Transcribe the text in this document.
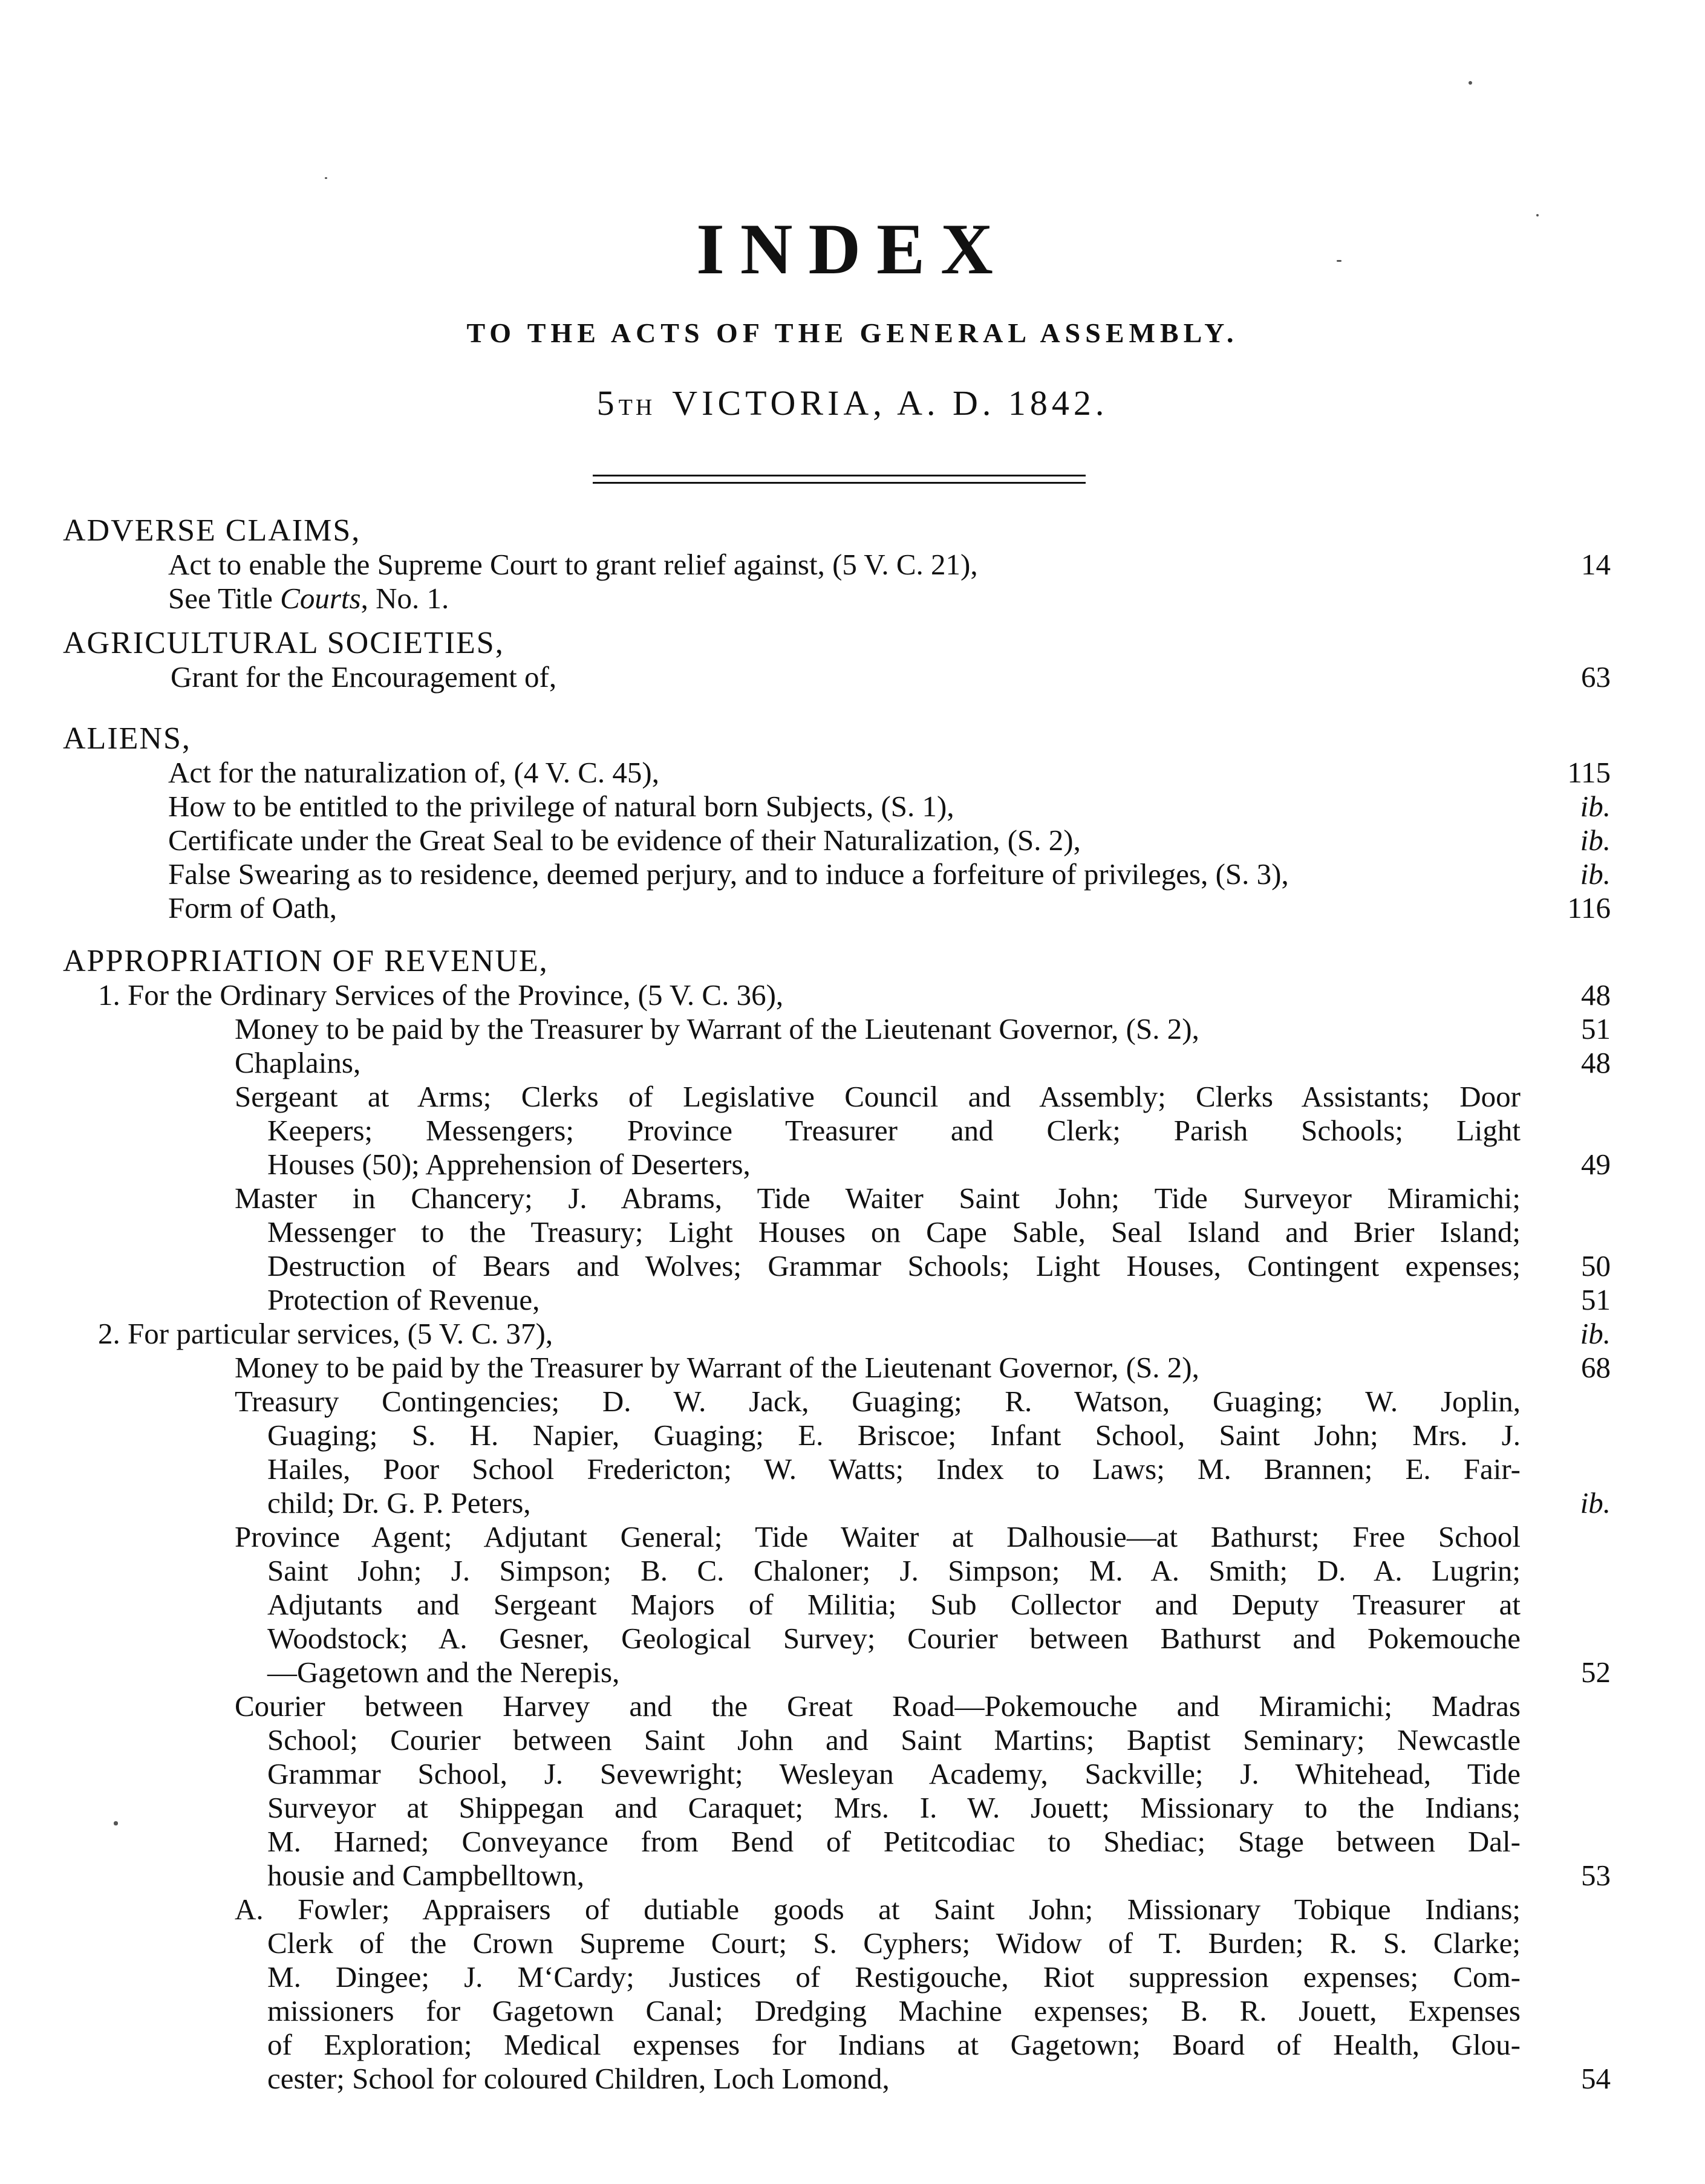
INDEX
TO THE ACTS OF THE GENERAL ASSEMBLY.
5TH VICTORIA, A. D. 1842.
ADVERSE CLAIMS,
Act to enable the Supreme Court to grant relief against, (5 V. C. 21),	14
See Title Courts, No. 1.
AGRICULTURAL SOCIETIES,
Grant for the Encouragement of,	63
ALIENS,
Act for the naturalization of, (4 V. C. 45),	115
How to be entitled to the privilege of natural born Subjects, (S. 1),	ib.
Certificate under the Great Seal to be evidence of their Naturalization, (S. 2),	ib.
False Swearing as to residence, deemed perjury, and to induce a forfeiture of privileges, (S. 3),	ib.
Form of Oath,	116
APPROPRIATION OF REVENUE,
1. For the Ordinary Services of the Province, (5 V. C. 36),	48
Money to be paid by the Treasurer by Warrant of the Lieutenant Governor, (S. 2),	51
Chaplains,	48
Sergeant at Arms; Clerks of Legislative Council and Assembly; Clerks Assistants; Door
Keepers; Messengers; Province Treasurer and Clerk; Parish Schools; Light
Houses (50); Apprehension of Deserters,	49
Master in Chancery; J. Abrams, Tide Waiter Saint John; Tide Surveyor Miramichi;
Messenger to the Treasury; Light Houses on Cape Sable, Seal Island and Brier Island;
Destruction of Bears and Wolves; Grammar Schools; Light Houses, Contingent expenses; 50
Protection of Revenue,	51
2. For particular services, (5 V. C. 37),	ib.
Money to be paid by the Treasurer by Warrant of the Lieutenant Governor, (S. 2),	68
Treasury Contingencies; D. W. Jack, Guaging; R. Watson, Guaging; W. Joplin,
Guaging; S. H. Napier, Guaging; E. Briscoe; Infant School, Saint John; Mrs. J.
Hailes, Poor School Fredericton; W. Watts; Index to Laws; M. Brannen; E. Fair-
child; Dr. G. P. Peters,	ib.
Province Agent; Adjutant General; Tide Waiter at Dalhousie—at Bathurst; Free School
Saint John; J. Simpson; B. C. Chaloner; J. Simpson; M. A. Smith; D. A. Lugrin;
Adjutants and Sergeant Majors of Militia; Sub Collector and Deputy Treasurer at
Woodstock; A. Gesner, Geological Survey; Courier between Bathurst and Pokemouche
—Gagetown and the Nerepis,	52
Courier between Harvey and the Great Road—Pokemouche and Miramichi; Madras
School; Courier between Saint John and Saint Martins; Baptist Seminary; Newcastle
Grammar School, J. Sevewright; Wesleyan Academy, Sackville; J. Whitehead, Tide
Surveyor at Shippegan and Caraquet; Mrs. I. W. Jouett; Missionary to the Indians;
M. Harned; Conveyance from Bend of Petitcodiac to Shediac; Stage between Dal-
housie and Campbelltown,	53
A. Fowler; Appraisers of dutiable goods at Saint John; Missionary Tobique Indians;
Clerk of the Crown Supreme Court; S. Cyphers; Widow of T. Burden; R. S. Clarke;
M. Dingee; J. M‘Cardy; Justices of Restigouche, Riot suppression expenses; Com-
missioners for Gagetown Canal; Dredging Machine expenses; B. R. Jouett, Expenses
of Exploration; Medical expenses for Indians at Gagetown; Board of Health, Glou-
cester; School for coloured Children, Loch Lomond,	54
